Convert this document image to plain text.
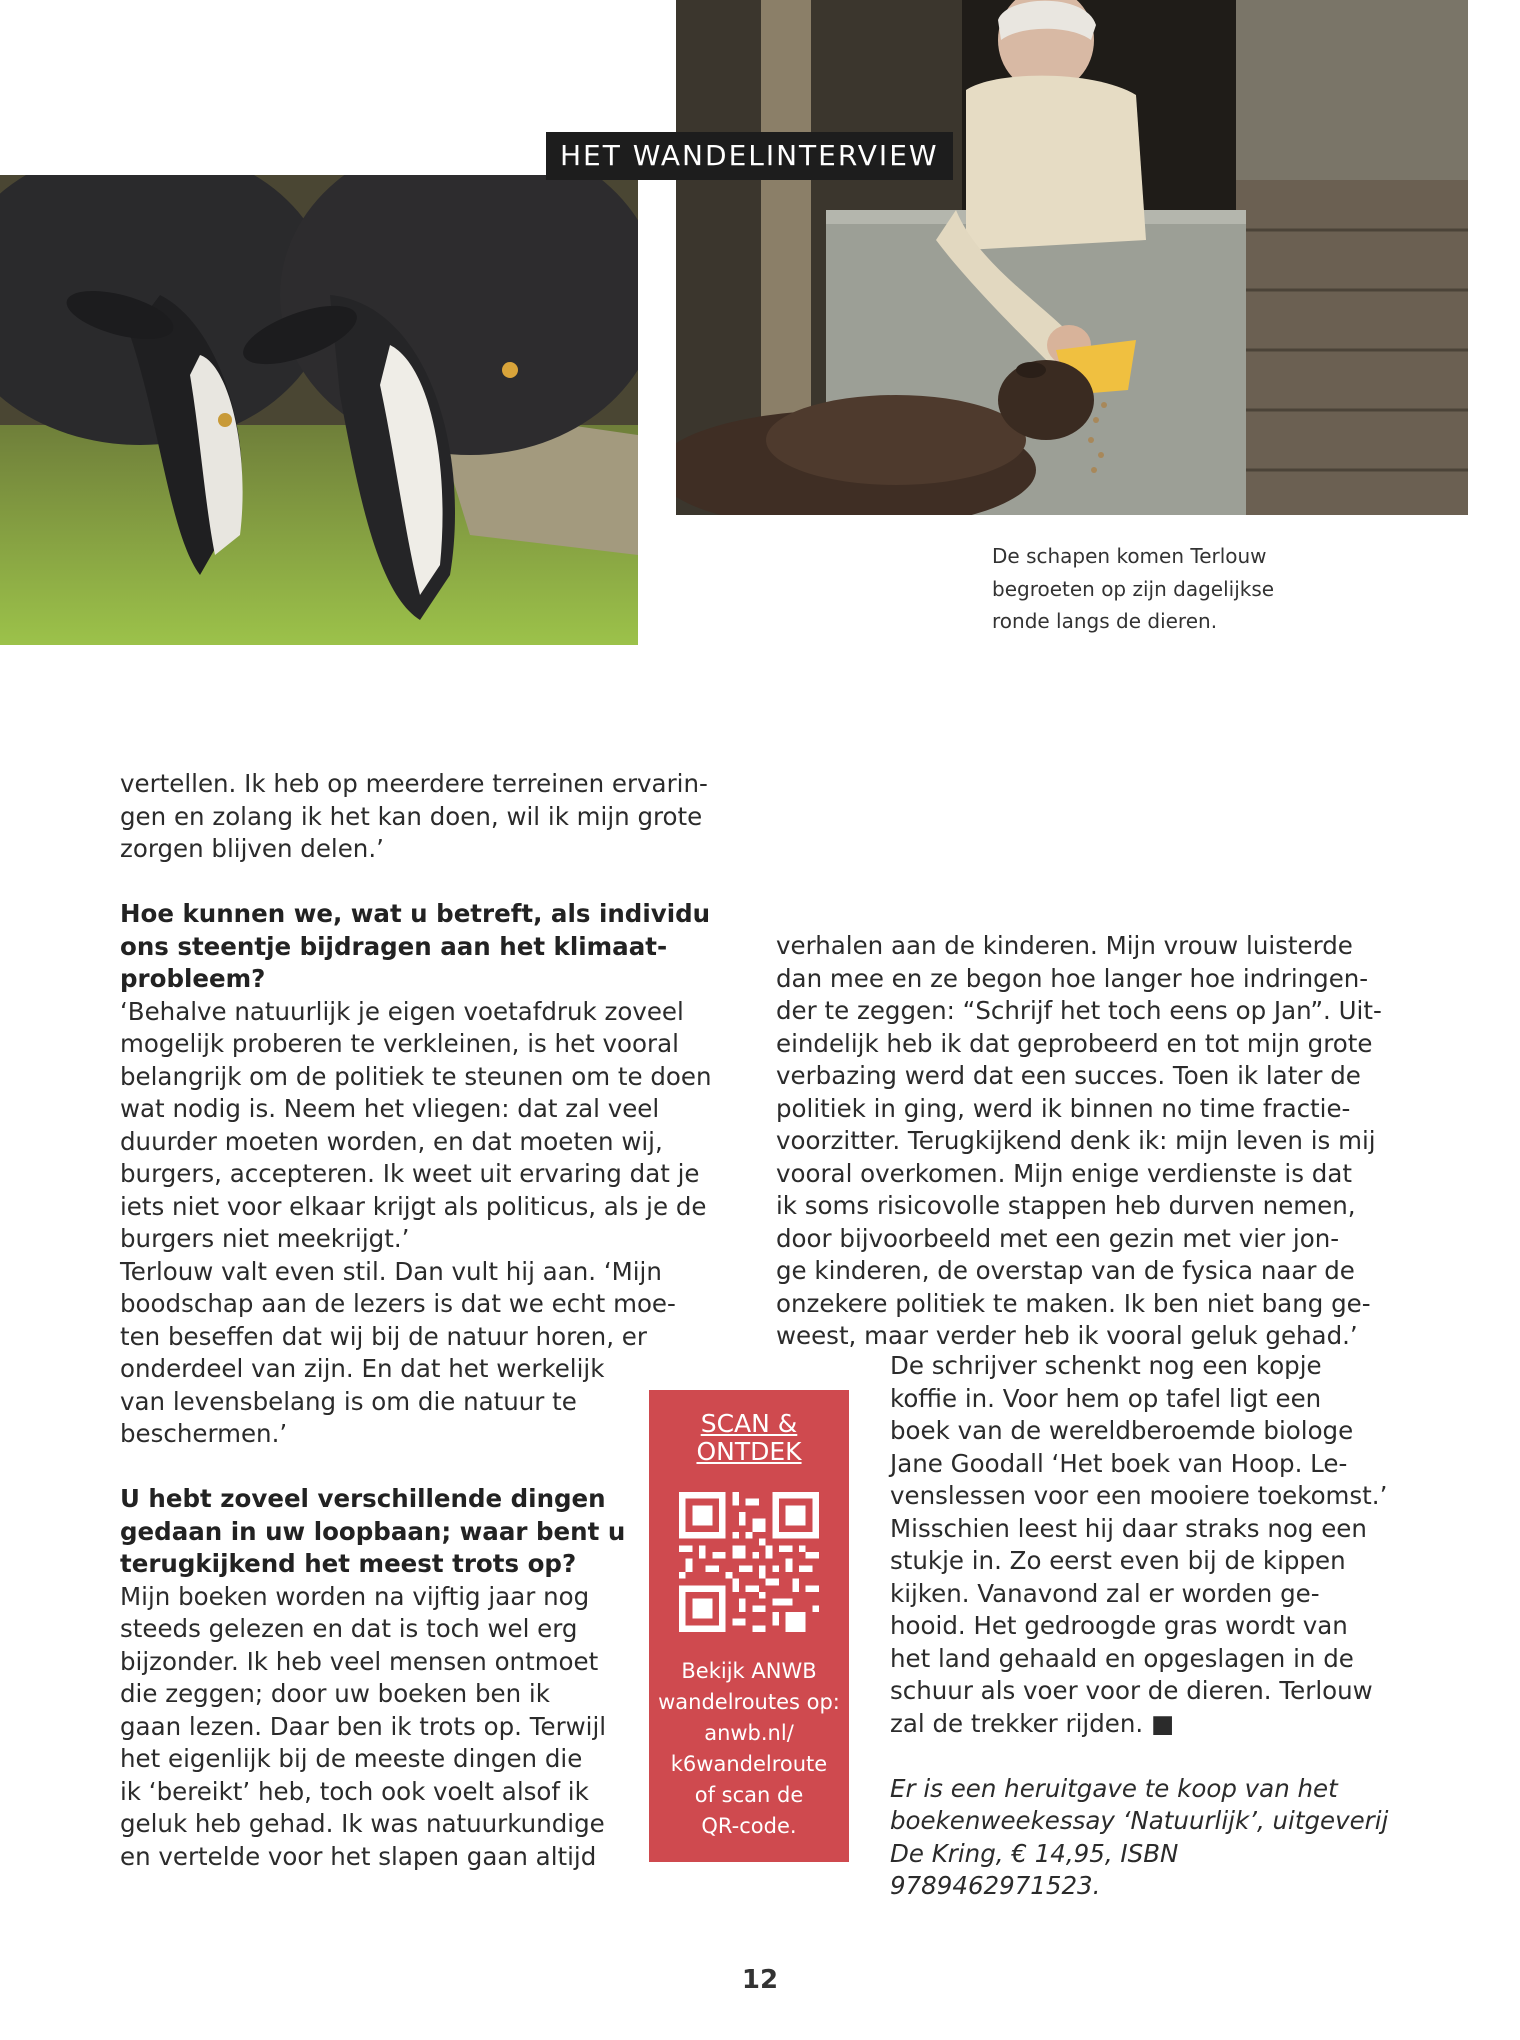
HET WANDELINTERVIEW
De schapen komen Terlouw
begroeten op zijn dagelijkse
ronde langs de dieren.

vertellen. Ik heb op meerdere terreinen ervarin-

gen en zolang ik het kan doen, wil ik mijn grote

zorgen blijven delen.’

Hoe kunnen we, wat u betreft, als individu

ons steentje bijdragen aan het klimaat-

probleem?

‘Behalve natuurlijk je eigen voetafdruk zoveel

mogelijk proberen te verkleinen, is het vooral

belangrijk om de politiek te steunen om te doen

wat nodig is. Neem het vliegen: dat zal veel

duurder moeten worden, en dat moeten wij,

burgers, accepteren. Ik weet uit ervaring dat je

iets niet voor elkaar krijgt als politicus, als je de

burgers niet meekrijgt.’

Terlouw valt even stil. Dan vult hij aan. ‘Mijn

boodschap aan de lezers is dat we echt moe-

ten beseffen dat wij bij de natuur horen, er

onderdeel van zijn. En dat het werkelijk

van levensbelang is om die natuur te

beschermen.’

U hebt zoveel verschillende dingen

gedaan in uw loopbaan; waar bent u

terugkijkend het meest trots op?

Mijn boeken worden na vijftig jaar nog

steeds gelezen en dat is toch wel erg

bijzonder. Ik heb veel mensen ontmoet

die zeggen; door uw boeken ben ik

gaan lezen. Daar ben ik trots op. Terwijl

het eigenlijk bij de meeste dingen die

ik ‘bereikt’ heb, toch ook voelt alsof ik

geluk heb gehad. Ik was natuurkundige

en vertelde voor het slapen gaan altijd

verhalen aan de kinderen. Mijn vrouw luisterde

dan mee en ze begon hoe langer hoe indringen-

der te zeggen: “Schrijf het toch eens op Jan”. Uit-

eindelijk heb ik dat geprobeerd en tot mijn grote

verbazing werd dat een succes. Toen ik later de

politiek in ging, werd ik binnen no time fractie-

voorzitter. Terugkijkend denk ik: mijn leven is mij

vooral overkomen. Mijn enige verdienste is dat

ik soms risicovolle stappen heb durven nemen,

door bijvoorbeeld met een gezin met vier jon-

ge kinderen, de overstap van de fysica naar de

onzekere politiek te maken. Ik ben niet bang ge-

weest, maar verder heb ik vooral geluk gehad.’

De schrijver schenkt nog een kopje

koffie in. Voor hem op tafel ligt een

boek van de wereldberoemde biologe

Jane Goodall ‘Het boek van Hoop. Le-

venslessen voor een mooiere toekomst.’

Misschien leest hij daar straks nog een

stukje in. Zo eerst even bij de kippen

kijken. Vanavond zal er worden ge-

hooid. Het gedroogde gras wordt van

het land gehaald en opgeslagen in de

schuur als voer voor de dieren. Terlouw

zal de trekker rijden. ■

Er is een heruitgave te koop van het

boekenweekessay ‘Natuurlijk’, uitgeverij

De Kring, € 14,95, ISBN 9789462971523.

SCAN &
ONTDEK
Bekijk ANWB
wandelroutes op:
anwb.nl/
k6wandelroute
of scan de
QR-code.
12
